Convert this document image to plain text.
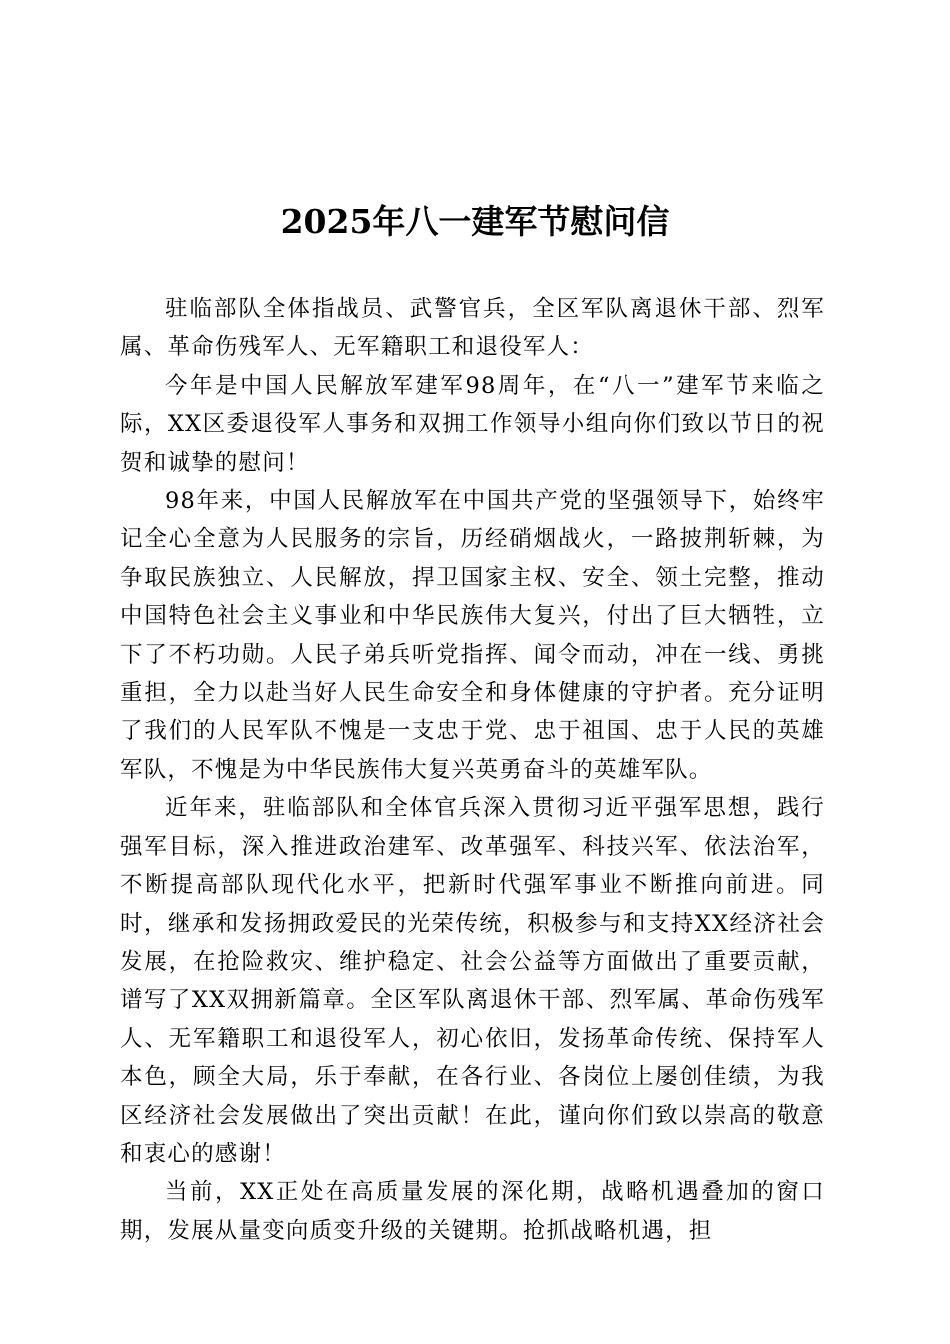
2025年八一建军节慰问信

驻临部队全体指战员、武警官兵，全区军队离退休干部、烈军属、革命伤残军人、无军籍职工和退役军人：

今年是中国人民解放军建军98周年，在“八一”建军节来临之际，XX区委退役军人事务和双拥工作领导小组向你们致以节日的祝贺和诚挚的慰问！

98年来，中国人民解放军在中国共产党的坚强领导下，始终牢记全心全意为人民服务的宗旨，历经硝烟战火，一路披荆斩棘，为争取民族独立、人民解放，捍卫国家主权、安全、领土完整，推动中国特色社会主义事业和中华民族伟大复兴，付出了巨大牺牲，立下了不朽功勋。人民子弟兵听党指挥、闻令而动，冲在一线、勇挑重担，全力以赴当好人民生命安全和身体健康的守护者。充分证明了我们的人民军队不愧是一支忠于党、忠于祖国、忠于人民的英雄军队，不愧是为中华民族伟大复兴英勇奋斗的英雄军队。

近年来，驻临部队和全体官兵深入贯彻习近平强军思想，践行强军目标，深入推进政治建军、改革强军、科技兴军、依法治军，不断提高部队现代化水平，把新时代强军事业不断推向前进。同时，继承和发扬拥政爱民的光荣传统，积极参与和支持XX经济社会发展，在抢险救灾、维护稳定、社会公益等方面做出了重要贡献，谱写了XX双拥新篇章。全区军队离退休干部、烈军属、革命伤残军人、无军籍职工和退役军人，初心依旧，发扬革命传统、保持军人本色，顾全大局，乐于奉献，在各行业、各岗位上屡创佳绩，为我区经济社会发展做出了突出贡献！在此，谨向你们致以崇高的敬意和衷心的感谢！

当前，XX正处在高质量发展的深化期，战略机遇叠加的窗口期，发展从量变向质变升级的关键期。抢抓战略机遇，担
